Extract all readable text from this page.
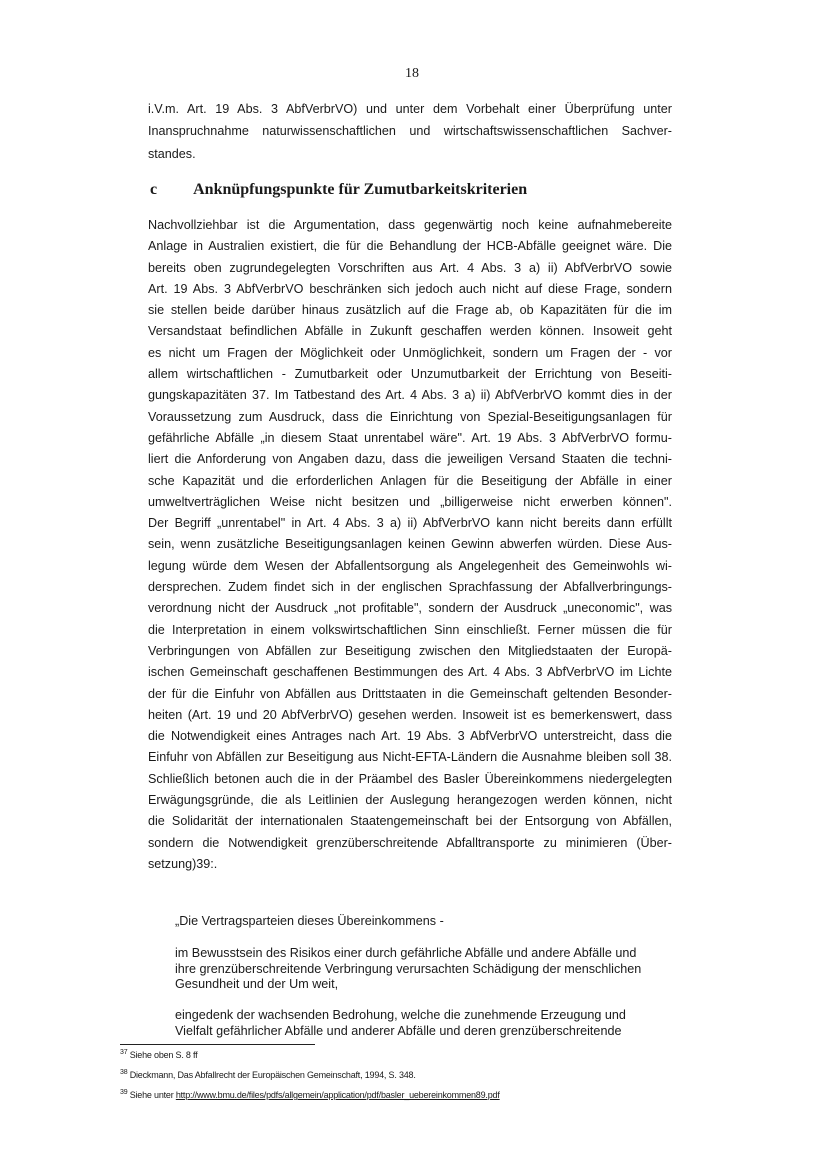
18
i.V.m. Art. 19 Abs. 3 AbfVerbrVO) und unter dem Vorbehalt einer Überprüfung unter
Inanspruchnahme naturwissenschaftlichen und wirtschaftswissenschaftlichen Sachver-
standes.
c Anknüpfungspunkte für Zumutbarkeitskriterien
Nachvollziehbar ist die Argumentation, dass gegenwärtig noch keine aufnahmebereite
Anlage in Australien existiert, die für die Behandlung der HCB-Abfälle geeignet wäre. Die
bereits oben zugrundegelegten Vorschriften aus Art. 4 Abs. 3 a) ii) AbfVerbrVO sowie
Art. 19 Abs. 3 AbfVerbrVO beschränken sich jedoch auch nicht auf diese Frage, sondern
sie stellen beide darüber hinaus zusätzlich auf die Frage ab, ob Kapazitäten für die im
Versandstaat befindlichen Abfälle in Zukunft geschaffen werden können. Insoweit geht
es nicht um Fragen der Möglichkeit oder Unmöglichkeit, sondern um Fragen der - vor
allem wirtschaftlichen - Zumutbarkeit oder Unzumutbarkeit der Errichtung von Beseiti-
gungskapazitäten 37. Im Tatbestand des Art. 4 Abs. 3 a) ii) AbfVerbrVO kommt dies in der
Voraussetzung zum Ausdruck, dass die Einrichtung von Spezial-Beseitigungsanlagen für
gefährliche Abfälle „in diesem Staat unrentabel wäre". Art. 19 Abs. 3 AbfVerbrVO formu-
liert die Anforderung von Angaben dazu, dass die jeweiligen Versand Staaten die techni-
sche Kapazität und die erforderlichen Anlagen für die Beseitigung der Abfälle in einer
umweltverträglichen Weise nicht besitzen und „billigerweise nicht erwerben können".
Der Begriff „unrentabel" in Art. 4 Abs. 3 a) ii) AbfVerbrVO kann nicht bereits dann erfüllt
sein, wenn zusätzliche Beseitigungsanlagen keinen Gewinn abwerfen würden. Diese Aus-
legung würde dem Wesen der Abfallentsorgung als Angelegenheit des Gemeinwohls wi-
dersprechen. Zudem findet sich in der englischen Sprachfassung der Abfallverbringungs-
verordnung nicht der Ausdruck „not profitable", sondern der Ausdruck „uneconomic", was
die Interpretation in einem volkswirtschaftlichen Sinn einschließt. Ferner müssen die für
Verbringungen von Abfällen zur Beseitigung zwischen den Mitgliedstaaten der Europä-
ischen Gemeinschaft geschaffenen Bestimmungen des Art. 4 Abs. 3 AbfVerbrVO im Lichte
der für die Einfuhr von Abfällen aus Drittstaaten in die Gemeinschaft geltenden Besonder-
heiten (Art. 19 und 20 AbfVerbrVO) gesehen werden. Insoweit ist es bemerkenswert, dass
die Notwendigkeit eines Antrages nach Art. 19 Abs. 3 AbfVerbrVO unterstreicht, dass die
Einfuhr von Abfällen zur Beseitigung aus Nicht-EFTA-Ländern die Ausnahme bleiben soll 38.
Schließlich betonen auch die in der Präambel des Basler Übereinkommens niedergelegten
Erwägungsgründe, die als Leitlinien der Auslegung herangezogen werden können, nicht
die Solidarität der internationalen Staatengemeinschaft bei der Entsorgung von Abfällen,
sondern die Notwendigkeit grenzüberschreitende Abfalltransporte zu minimieren (Über-
setzung)39:.
„Die Vertragsparteien dieses Übereinkommens -
im Bewusstsein des Risikos einer durch gefährliche Abfälle und andere Abfälle und ihre grenzüberschreitende Verbringung verursachten Schädigung der menschlichen Gesundheit und der Um weit,
eingedenk der wachsenden Bedrohung, welche die zunehmende Erzeugung und Vielfalt gefährlicher Abfälle und anderer Abfälle und deren grenzüberschreitende
$^{37}$ Siehe oben S. 8 ff
$^{38}$ Dieckmann, Das Abfallrecht der Europäischen Gemeinschaft, 1994, S. 348.
$^{39}$ Siehe unter http://www.bmu.de/files/pdfs/allgemein/application/pdf/basler_uebereinkommen89.pdf
